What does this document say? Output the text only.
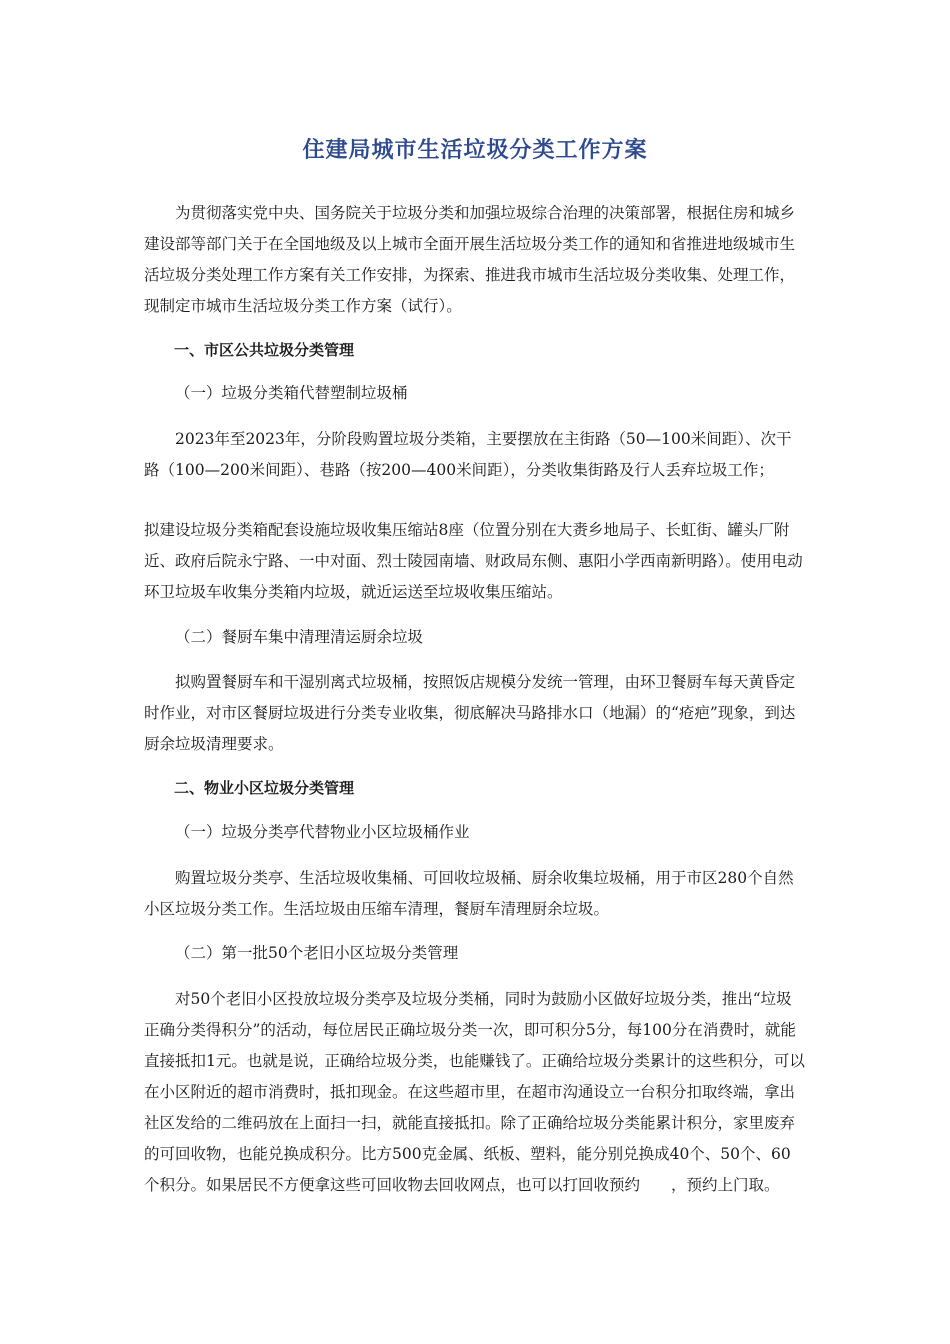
住建局城市生活垃圾分类工作方案
为贯彻落实党中央、国务院关于垃圾分类和加强垃圾综合治理的决策部署，根据住房和城乡建设部等部门关于在全国地级及以上城市全面开展生活垃圾分类工作的通知和省推进地级城市生活垃圾分类处理工作方案有关工作安排，为探索、推进我市城市生活垃圾分类收集、处理工作，现制定市城市生活垃圾分类工作方案（试行）。
一、市区公共垃圾分类管理
（一）垃圾分类箱代替塑制垃圾桶
2023年至2023年，分阶段购置垃圾分类箱，主要摆放在主街路（50—100米间距）、次干路（100—200米间距）、巷路（按200—400米间距），分类收集街路及行人丢弃垃圾工作；
拟建设垃圾分类箱配套设施垃圾收集压缩站8座（位置分别在大赉乡地局子、长虹街、罐头厂附近、政府后院永宁路、一中对面、烈士陵园南墙、财政局东侧、惠阳小学西南新明路）。使用电动环卫垃圾车收集分类箱内垃圾，就近运送至垃圾收集压缩站。
（二）餐厨车集中清理清运厨余垃圾
拟购置餐厨车和干湿别离式垃圾桶，按照饭店规模分发统一管理，由环卫餐厨车每天黄昏定时作业，对市区餐厨垃圾进行分类专业收集，彻底解决马路排水口（地漏）的“疮疤”现象，到达厨余垃圾清理要求。
二、物业小区垃圾分类管理
（一）垃圾分类亭代替物业小区垃圾桶作业
购置垃圾分类亭、生活垃圾收集桶、可回收垃圾桶、厨余收集垃圾桶，用于市区280个自然小区垃圾分类工作。生活垃圾由压缩车清理，餐厨车清理厨余垃圾。
（二）第一批50个老旧小区垃圾分类管理
对50个老旧小区投放垃圾分类亭及垃圾分类桶，同时为鼓励小区做好垃圾分类，推出“垃圾正确分类得积分”的活动，每位居民正确垃圾分类一次，即可积分5分，每100分在消费时，就能直接抵扣1元。也就是说，正确给垃圾分类，也能赚钱了。正确给垃圾分类累计的这些积分，可以在小区附近的超市消费时，抵扣现金。在这些超市里，在超市沟通设立一台积分扣取终端，拿出社区发给的二维码放在上面扫一扫，就能直接抵扣。除了正确给垃圾分类能累计积分，家里废弃的可回收物，也能兑换成积分。比方500克金属、纸板、塑料，能分别兑换成40个、50个、60个积分。如果居民不方便拿这些可回收物去回收网点，也可以打回收预约　　，预约上门取。
